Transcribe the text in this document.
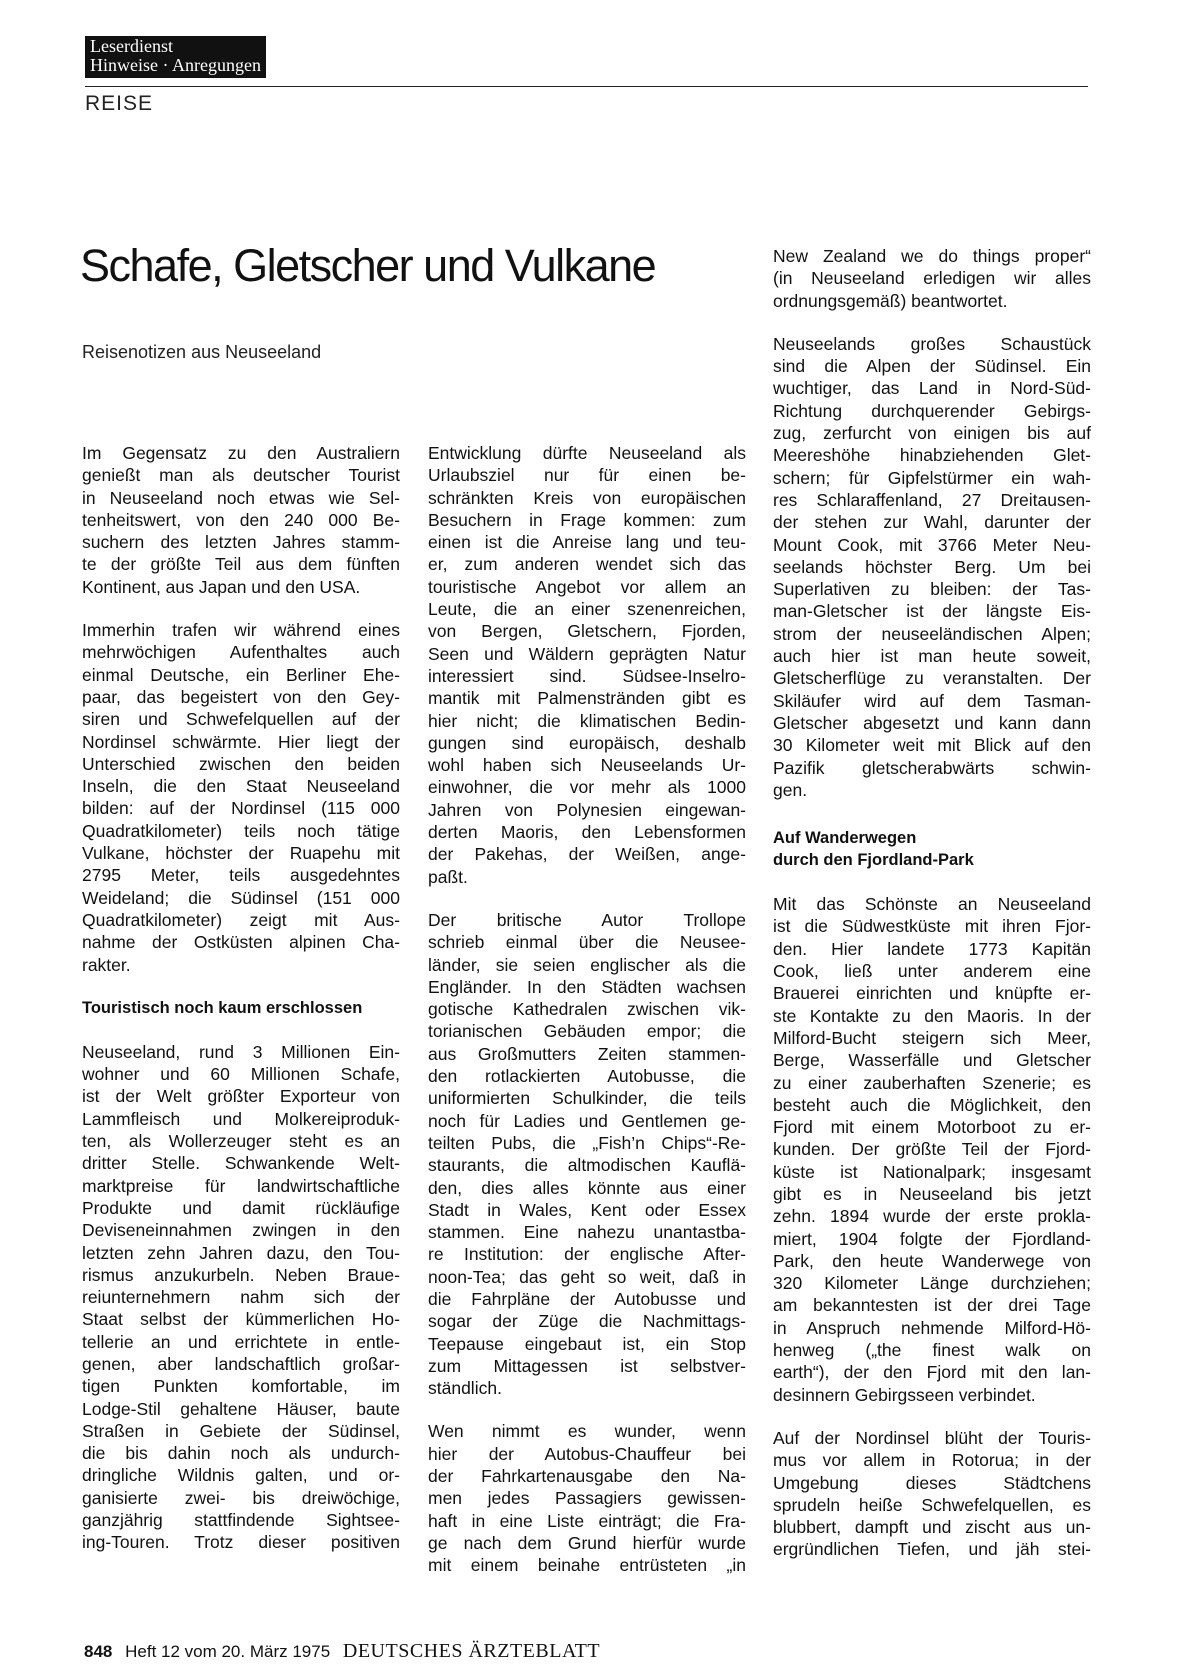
Leserdienst
Hinweise · Anregungen
REISE
Schafe, Gletscher und Vulkane
Reisenotizen aus Neuseeland

Im Gegensatz zu den Australiern
genießt man als deutscher Tourist
in Neuseeland noch etwas wie Sel-
tenheitswert, von den 240 000 Be-
suchern des letzten Jahres stamm-
te der größte Teil aus dem fünften
Kontinent, aus Japan und den USA.

Immerhin trafen wir während eines
mehrwöchigen Aufenthaltes auch
einmal Deutsche, ein Berliner Ehe-
paar, das begeistert von den Gey-
siren und Schwefelquellen auf der
Nordinsel schwärmte. Hier liegt der
Unterschied zwischen den beiden
Inseln, die den Staat Neuseeland
bilden: auf der Nordinsel (115 000
Quadratkilometer) teils noch tätige
Vulkane, höchster der Ruapehu mit
2795 Meter, teils ausgedehntes
Weideland; die Südinsel (151 000
Quadratkilometer) zeigt mit Aus-
nahme der Ostküsten alpinen Cha-
rakter.

Touristisch noch kaum erschlossen

Neuseeland, rund 3 Millionen Ein-
wohner und 60 Millionen Schafe,
ist der Welt größter Exporteur von
Lammfleisch und Molkereiproduk-
ten, als Wollerzeuger steht es an
dritter Stelle. Schwankende Welt-
marktpreise für landwirtschaftliche
Produkte und damit rückläufige
Deviseneinnahmen zwingen in den
letzten zehn Jahren dazu, den Tou-
rismus anzukurbeln. Neben Braue-
reiunternehmern nahm sich der
Staat selbst der kümmerlichen Ho-
tellerie an und errichtete in entle-
genen, aber landschaftlich großar-
tigen Punkten komfortable, im
Lodge-Stil gehaltene Häuser, baute
Straßen in Gebiete der Südinsel,
die bis dahin noch als undurch-
dringliche Wildnis galten, und or-
ganisierte zwei- bis dreiwöchige,
ganzjährig stattfindende Sightsee-
ing-Touren. Trotz dieser positiven

Entwicklung dürfte Neuseeland als
Urlaubsziel nur für einen be-
schränkten Kreis von europäischen
Besuchern in Frage kommen: zum
einen ist die Anreise lang und teu-
er, zum anderen wendet sich das
touristische Angebot vor allem an
Leute, die an einer szenenreichen,
von Bergen, Gletschern, Fjorden,
Seen und Wäldern geprägten Natur
interessiert sind. Südsee-Inselro-
mantik mit Palmenstränden gibt es
hier nicht; die klimatischen Bedin-
gungen sind europäisch, deshalb
wohl haben sich Neuseelands Ur-
einwohner, die vor mehr als 1000
Jahren von Polynesien eingewan-
derten Maoris, den Lebensformen
der Pakehas, der Weißen, ange-
paßt.

Der britische Autor Trollope
schrieb einmal über die Neusee-
länder, sie seien englischer als die
Engländer. In den Städten wachsen
gotische Kathedralen zwischen vik-
torianischen Gebäuden empor; die
aus Großmutters Zeiten stammen-
den rotlackierten Autobusse, die
uniformierten Schulkinder, die teils
noch für Ladies und Gentlemen ge-
teilten Pubs, die „Fish’n Chips“-Re-
staurants, die altmodischen Kauflä-
den, dies alles könnte aus einer
Stadt in Wales, Kent oder Essex
stammen. Eine nahezu unantastba-
re Institution: der englische After-
noon-Tea; das geht so weit, daß in
die Fahrpläne der Autobusse und
sogar der Züge die Nachmittags-
Teepause eingebaut ist, ein Stop
zum Mittagessen ist selbstver-
ständlich.

Wen nimmt es wunder, wenn
hier der Autobus-Chauffeur bei
der Fahrkartenausgabe den Na-
men jedes Passagiers gewissen-
haft in eine Liste einträgt; die Fra-
ge nach dem Grund hierfür wurde
mit einem beinahe entrüsteten „in

New Zealand we do things proper“
(in Neuseeland erledigen wir alles
ordnungsgemäß) beantwortet.

Neuseelands großes Schaustück
sind die Alpen der Südinsel. Ein
wuchtiger, das Land in Nord-Süd-
Richtung durchquerender Gebirgs-
zug, zerfurcht von einigen bis auf
Meereshöhe hinabziehenden Glet-
schern; für Gipfelstürmer ein wah-
res Schlaraffenland, 27 Dreitausen-
der stehen zur Wahl, darunter der
Mount Cook, mit 3766 Meter Neu-
seelands höchster Berg. Um bei
Superlativen zu bleiben: der Tas-
man-Gletscher ist der längste Eis-
strom der neuseeländischen Alpen;
auch hier ist man heute soweit,
Gletscherflüge zu veranstalten. Der
Skiläufer wird auf dem Tasman-
Gletscher abgesetzt und kann dann
30 Kilometer weit mit Blick auf den
Pazifik gletscherabwärts schwin-
gen.

Auf Wanderwegen
durch den Fjordland-Park

Mit das Schönste an Neuseeland
ist die Südwestküste mit ihren Fjor-
den. Hier landete 1773 Kapitän
Cook, ließ unter anderem eine
Brauerei einrichten und knüpfte er-
ste Kontakte zu den Maoris. In der
Milford-Bucht steigern sich Meer,
Berge, Wasserfälle und Gletscher
zu einer zauberhaften Szenerie; es
besteht auch die Möglichkeit, den
Fjord mit einem Motorboot zu er-
kunden. Der größte Teil der Fjord-
küste ist Nationalpark; insgesamt
gibt es in Neuseeland bis jetzt
zehn. 1894 wurde der erste prokla-
miert, 1904 folgte der Fjordland-
Park, den heute Wanderwege von
320 Kilometer Länge durchziehen;
am bekanntesten ist der drei Tage
in Anspruch nehmende Milford-Hö-
henweg („the finest walk on
earth“), der den Fjord mit den lan-
desinnern Gebirgsseen verbindet.

Auf der Nordinsel blüht der Touris-
mus vor allem in Rotorua; in der
Umgebung dieses Städtchens
sprudeln heiße Schwefelquellen, es
blubbert, dampft und zischt aus un-
ergründlichen Tiefen, und jäh stei-

848 Heft 12 vom 20. März 1975 DEUTSCHES ÄRZTEBLATT
